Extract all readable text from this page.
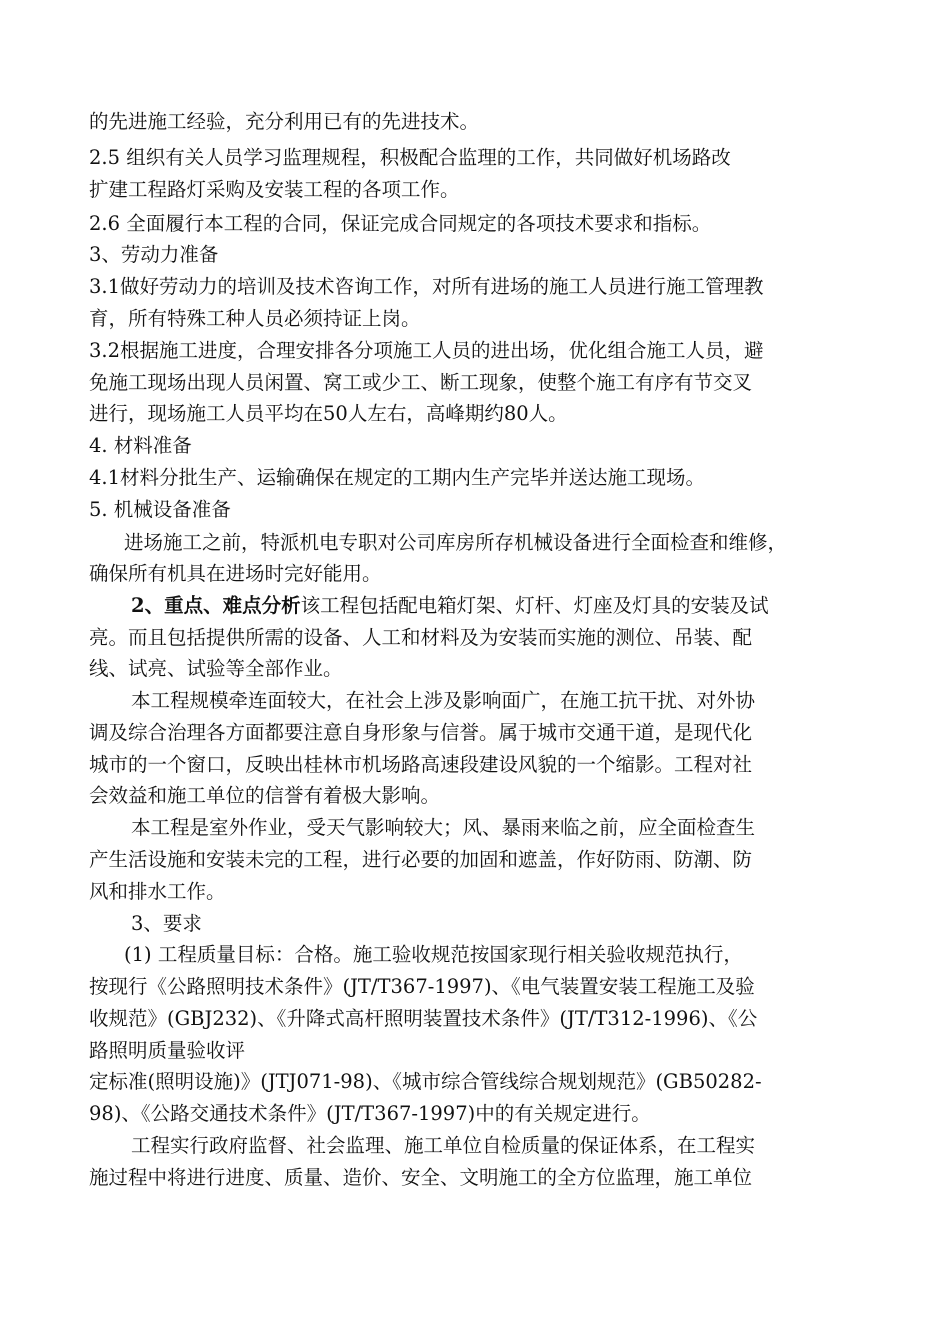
的先进施工经验，充分利用已有的先进技术。
2.5 组织有关人员学习监理规程，积极配合监理的工作，共同做好机场路改
扩建工程路灯采购及安装工程的各项工作。
2.6 全面履行本工程的合同，保证完成合同规定的各项技术要求和指标。
3、劳动力准备
3.1做好劳动力的培训及技术咨询工作，对所有进场的施工人员进行施工管理教
育，所有特殊工种人员必须持证上岗。
3.2根据施工进度，合理安排各分项施工人员的进出场，优化组合施工人员，避
免施工现场出现人员闲置、窝工或少工、断工现象，使整个施工有序有节交叉
进行，现场施工人员平均在50人左右，高峰期约80人。
4. 材料准备
4.1材料分批生产、运输确保在规定的工期内生产完毕并送达施工现场。
5. 机械设备准备
进场施工之前，特派机电专职对公司库房所存机械设备进行全面检查和维修，
确保所有机具在进场时完好能用。
2、重点、难点分析该工程包括配电箱灯架、灯杆、灯座及灯具的安装及试
亮。而且包括提供所需的设备、人工和材料及为安装而实施的测位、吊装、配
线、试亮、试验等全部作业。
本工程规模牵连面较大，在社会上涉及影响面广，在施工抗干扰、对外协
调及综合治理各方面都要注意自身形象与信誉。属于城市交通干道，是现代化
城市的一个窗口，反映出桂林市机场路高速段建设风貌的一个缩影。工程对社
会效益和施工单位的信誉有着极大影响。
本工程是室外作业，受天气影响较大；风、暴雨来临之前，应全面检查生
产生活设施和安装未完的工程，进行必要的加固和遮盖，作好防雨、防潮、防
风和排水工作。
3、要求
(1) 工程质量目标：合格。施工验收规范按国家现行相关验收规范执行，
按现行《公路照明技术条件》(JT/T367-1997)、《电气装置安装工程施工及验
收规范》(GBJ232)、《升降式高杆照明装置技术条件》(JT/T312-1996)、《公
路照明质量验收评
定标准(照明设施)》(JTJ071-98)、《城市综合管线综合规划规范》(GB50282-
98)、《公路交通技术条件》(JT/T367-1997)中的有关规定进行。
工程实行政府监督、社会监理、施工单位自检质量的保证体系，在工程实
施过程中将进行进度、质量、造价、安全、文明施工的全方位监理，施工单位
